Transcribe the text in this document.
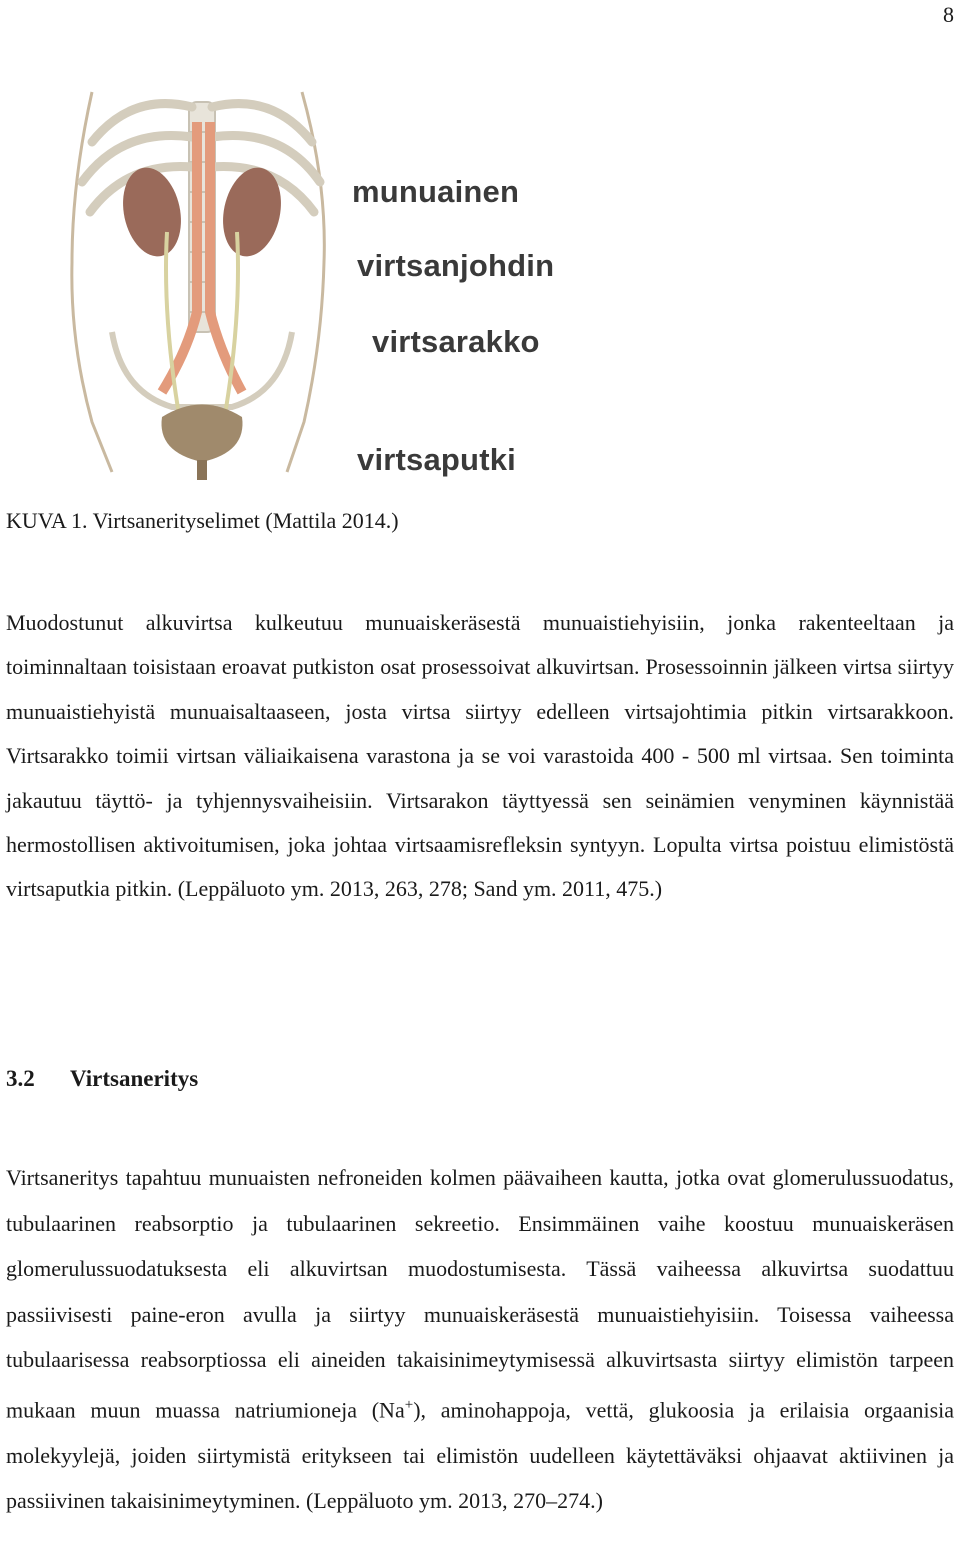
8
munuainen
virtsanjohdin
virtsarakko
virtsaputki
KUVA 1. Virtsanerityselimet (Mattila 2014.)

Muodostunut alkuvirtsa kulkeutuu munuaiskeräsestä munuaistiehyisiin, jonka rakenteeltaan ja toiminnaltaan toisistaan eroavat putkiston osat prosessoivat alkuvirtsan. Prosessoinnin jälkeen virtsa siirtyy munuaistiehyistä munuaisaltaaseen, josta virtsa siirtyy edelleen virtsajohtimia pitkin virtsarakkoon. Virtsarakko toimii virtsan väliaikaisena varastona ja se voi varastoida 400 - 500 ml virtsaa. Sen toiminta jakautuu täyttö- ja tyhjennysvaiheisiin. Virtsarakon täyttyessä sen seinämien venyminen käynnistää hermostollisen aktivoitumisen, joka johtaa virtsaamisrefleksin syntyyn. Lopulta virtsa poistuu elimistöstä virtsaputkia pitkin. (Leppäluoto ym. 2013, 263, 278; Sand ym. 2011, 475.)

3.2 Virtsaneritys

Virtsaneritys tapahtuu munuaisten nefroneiden kolmen päävaiheen kautta, jotka ovat glomerulussuodatus, tubulaarinen reabsorptio ja tubulaarinen sekreetio. Ensimmäinen vaihe koostuu munuaiskeräsen glomerulussuodatuksesta eli alkuvirtsan muodostumisesta. Tässä vaiheessa alkuvirtsa suodattuu passiivisesti paine-eron avulla ja siirtyy munuaiskeräsestä munuaistiehyisiin. Toisessa vaiheessa tubulaarisessa reabsorptiossa eli aineiden takaisinimeytymisessä alkuvirtsasta siirtyy elimistön tarpeen mukaan muun muassa natriumioneja (Na+), aminohappoja, vettä, glukoosia ja erilaisia orgaanisia molekyylejä, joiden siirtymistä eritykseen tai elimistön uudelleen käytettäväksi ohjaavat aktiivinen ja passiivinen takaisinimeytyminen. (Leppäluoto ym. 2013, 270–274.)
